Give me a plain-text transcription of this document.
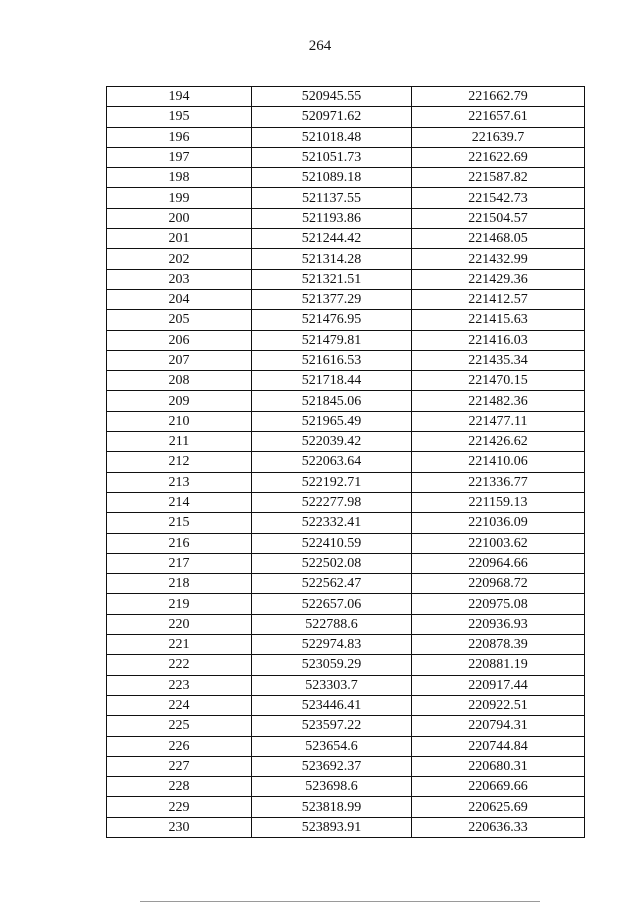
264
194	520945.55	221662.79
195	520971.62	221657.61
196	521018.48	221639.7
197	521051.73	221622.69
198	521089.18	221587.82
199	521137.55	221542.73
200	521193.86	221504.57
201	521244.42	221468.05
202	521314.28	221432.99
203	521321.51	221429.36
204	521377.29	221412.57
205	521476.95	221415.63
206	521479.81	221416.03
207	521616.53	221435.34
208	521718.44	221470.15
209	521845.06	221482.36
210	521965.49	221477.11
211	522039.42	221426.62
212	522063.64	221410.06
213	522192.71	221336.77
214	522277.98	221159.13
215	522332.41	221036.09
216	522410.59	221003.62
217	522502.08	220964.66
218	522562.47	220968.72
219	522657.06	220975.08
220	522788.6	220936.93
221	522974.83	220878.39
222	523059.29	220881.19
223	523303.7	220917.44
224	523446.41	220922.51
225	523597.22	220794.31
226	523654.6	220744.84
227	523692.37	220680.31
228	523698.6	220669.66
229	523818.99	220625.69
230	523893.91	220636.33
